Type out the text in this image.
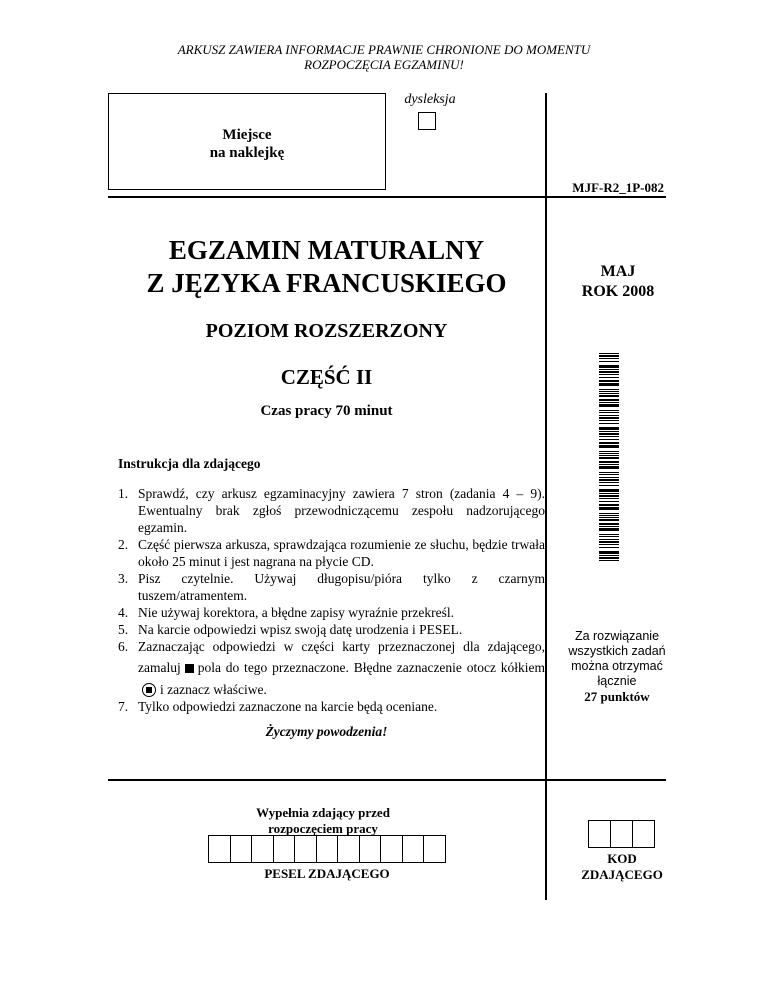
ARKUSZ ZAWIERA INFORMACJE PRAWNIE CHRONIONE DO MOMENTU
ROZPOCZĘCIA EGZAMINU!
Miejsce
na naklejkę
dysleksja
MJF-R2_1P-082
EGZAMIN MATURALNY
Z JĘZYKA FRANCUSKIEGO	MAJ
ROK 2008
POZIOM ROZSZERZONY
CZĘŚĆ II
Czas pracy 70 minut
Instrukcja dla zdającego
1. Sprawdź, czy arkusz egzaminacyjny zawiera 7 stron (zadania 4 – 9). Ewentualny brak zgłoś przewodniczącemu zespołu nadzorującego egzamin.
2. Część pierwsza arkusza, sprawdzająca rozumienie ze słuchu, będzie trwała około 25 minut i jest nagrana na płycie CD.
3. Pisz czytelnie. Używaj długopisu/pióra tylko z czarnym tuszem/atramentem.
4. Nie używaj korektora, a błędne zapisy wyraźnie przekreśl.
5. Na karcie odpowiedzi wpisz swoją datę urodzenia i PESEL.
6. Zaznaczając odpowiedzi w części karty przeznaczonej dla zdającego, zamaluj pola do tego przeznaczone. Błędne zaznaczenie otocz kółkiemi zaznacz właściwe.
7. Tylko odpowiedzi zaznaczone na karcie będą oceniane.
Za rozwiązanie
wszystkich zadań
można otrzymać
łącznie
27 punktów
Życzymy powodzenia!
Wypełnia zdający przed
rozpoczęciem pracy
PESEL ZDAJĄCEGO
KOD
ZDAJĄCEGO
